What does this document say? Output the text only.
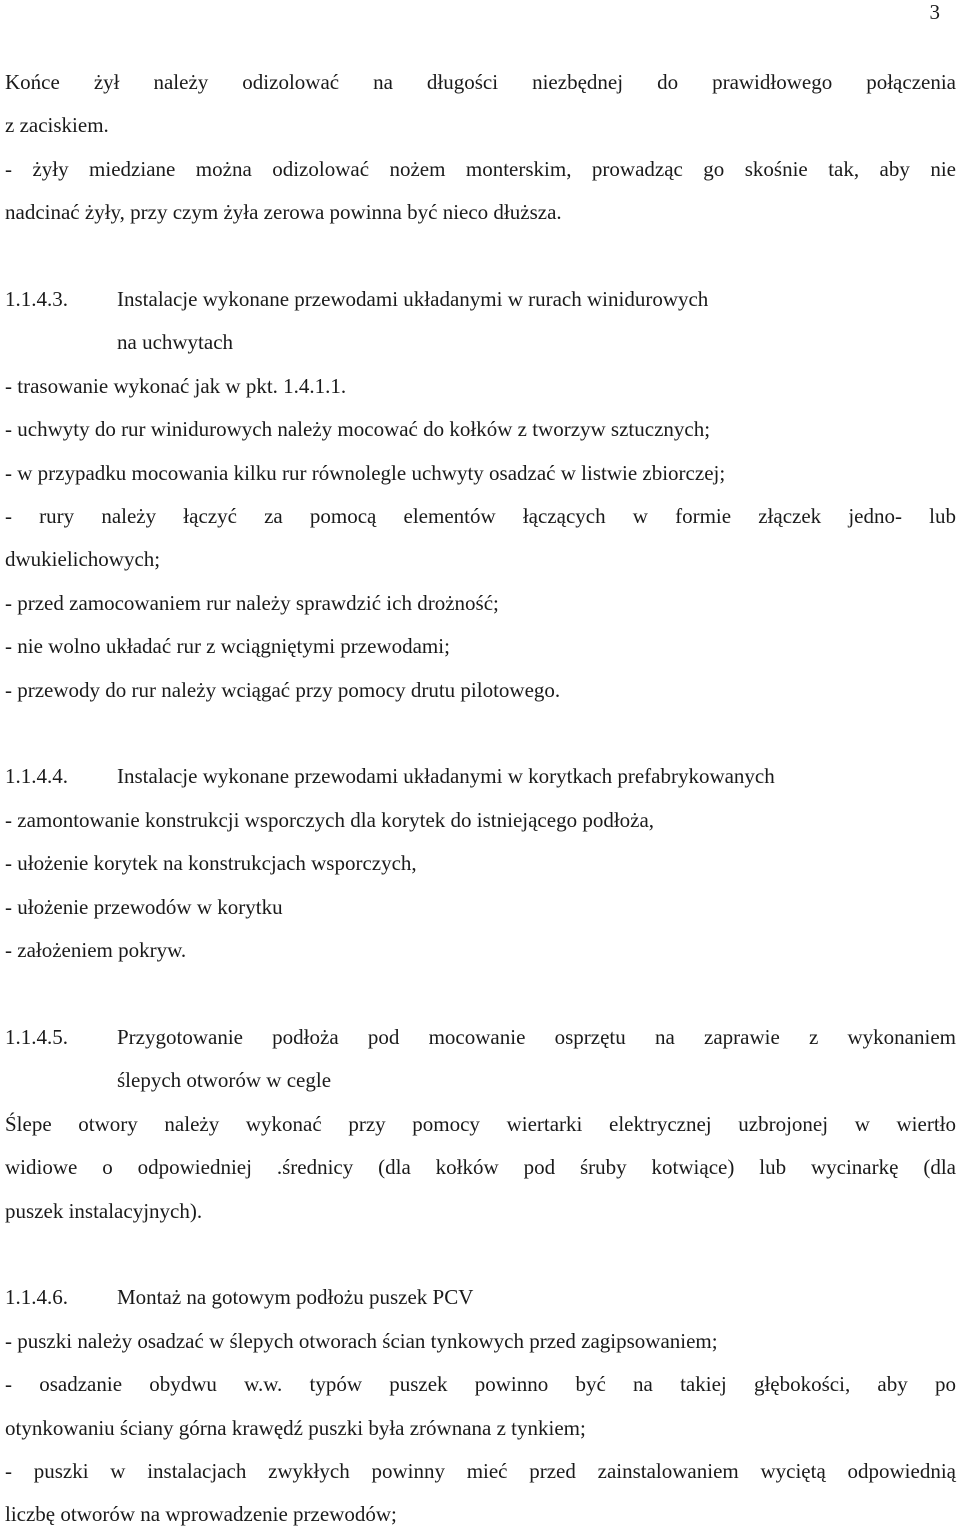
3

Końce żył należy odizolować na długości niezbędnej do prawidłowego połączenia

z zaciskiem.

- żyły miedziane można odizolować nożem monterskim, prowadząc go skośnie tak, aby nie

nadcinać żyły, przy czym żyła zerowa powinna być nieco dłuższa.

1.1.4.3.	Instalacje wykonane przewodami układanymi w rurach winidurowych
na uchwytach

- trasowanie wykonać jak w pkt. 1.4.1.1.

- uchwyty do rur winidurowych należy mocować do kołków z tworzyw sztucznych;

- w przypadku mocowania kilku rur równolegle uchwyty osadzać w listwie zbiorczej;

- rury należy łączyć za pomocą elementów łączących w formie złączek jedno- lub

dwukielichowych;

- przed zamocowaniem rur należy sprawdzić ich drożność;

- nie wolno układać rur z wciągniętymi przewodami;

- przewody do rur należy wciągać przy pomocy drutu pilotowego.

1.1.4.4.	Instalacje wykonane przewodami układanymi w korytkach prefabrykowanych

- zamontowanie konstrukcji wsporczych dla korytek do istniejącego podłoża,

- ułożenie korytek na konstrukcjach wsporczych,

- ułożenie przewodów w korytku

- założeniem pokryw.

1.1.4.5.	Przygotowanie podłoża pod mocowanie osprzętu na zaprawie z wykonaniem
ślepych otworów w cegle

Ślepe otwory należy wykonać przy pomocy wiertarki elektrycznej uzbrojonej w wiertło

widiowe o odpowiedniej .średnicy (dla kołków pod śruby kotwiące) lub wycinarkę (dla

puszek instalacyjnych).

1.1.4.6.	Montaż na gotowym podłożu puszek PCV

- puszki należy osadzać w ślepych otworach ścian tynkowych przed zagipsowaniem;

- osadzanie obydwu w.w. typów puszek powinno być na takiej głębokości, aby po

otynkowaniu ściany górna krawędź puszki była zrównana z tynkiem;

- puszki w instalacjach zwykłych powinny mieć przed zainstalowaniem wyciętą odpowiednią

liczbę otworów na wprowadzenie przewodów;
